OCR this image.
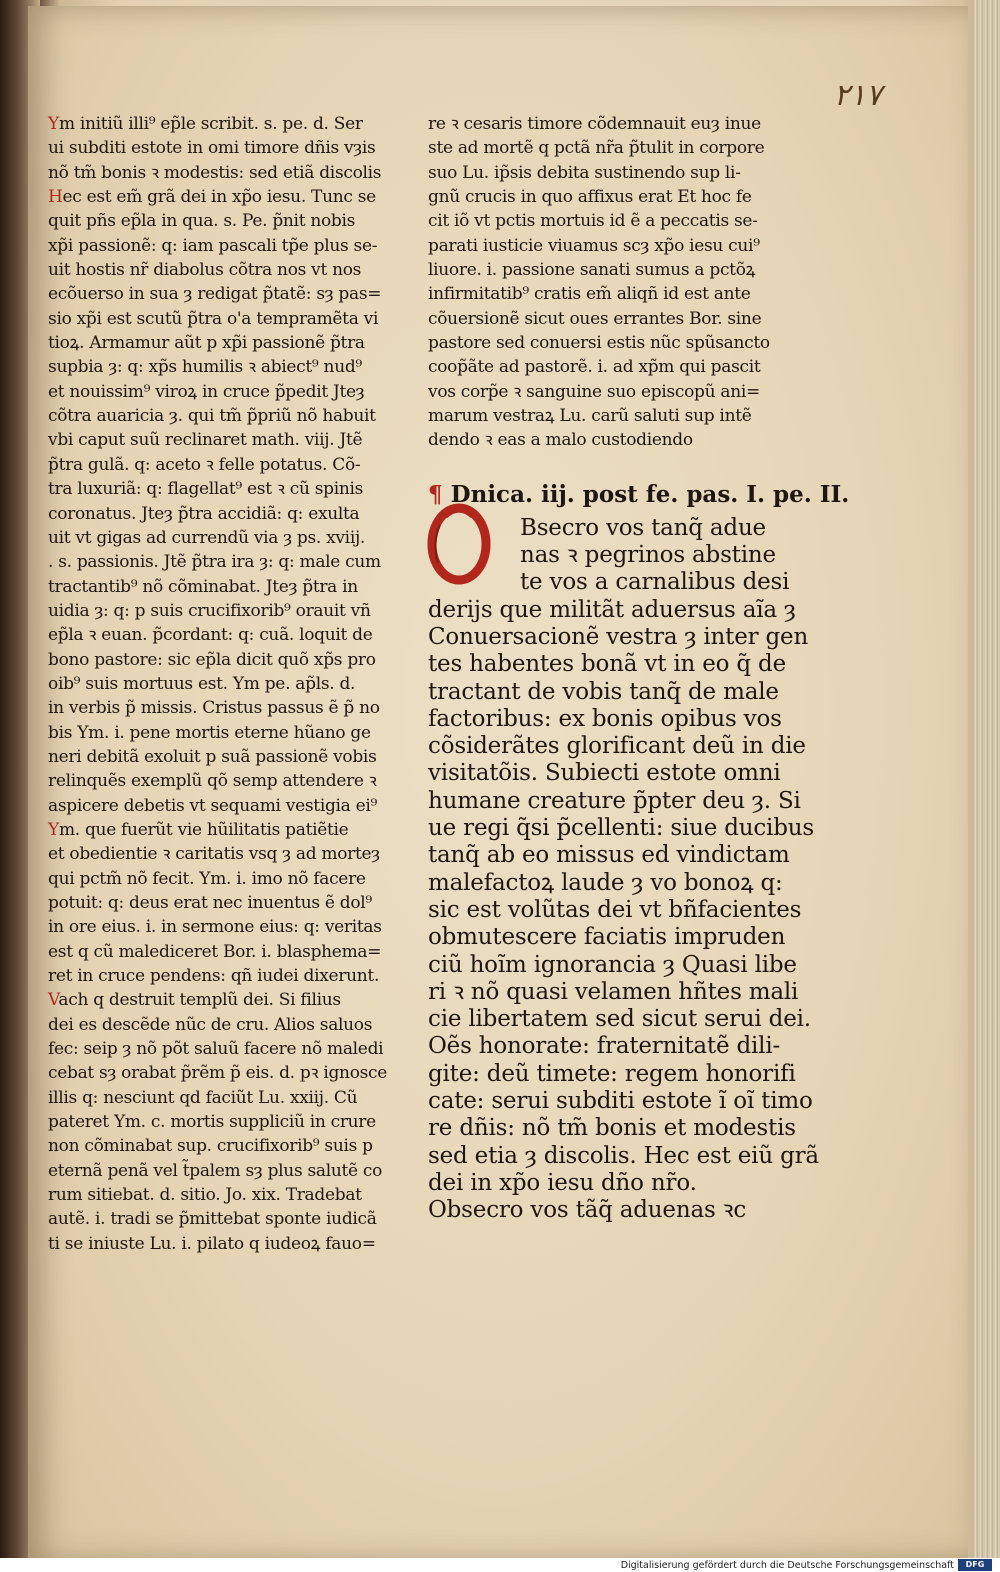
۲۱۷
Ym initiũ illi⁹ ep̃le scribit. s. pe. d. Ser
ui subditi estote in omi timore dñis vȝis
nõ tm̃ bonis ꝛ modestis: sed etiã discolis
Hec est em̃ grã dei in xp̃o iesu. Tunc se
quit pñs ep̃la in qua. s. Pe. p̃nit nobis
xp̃i passionẽ: q: iam pascali tp̃e plus se-
uit hostis nr̃ diabolus cõtra nos vt nos
ecõuerso in sua ȝ redigat p̃tatẽ: sȝ pas=
sio xp̃i est scutũ p̃tra o'a tempramẽta vi
tioꝝ. Armamur aũt p xp̃i passionẽ p̃tra
supbia ȝ: q: xp̃s humilis ꝛ abiect⁹ nud⁹
et nouissim⁹ viroꝝ in cruce p̃pedit Jteȝ
cõtra auaricia ȝ. qui tm̃ p̃priũ nõ habuit
vbi caput suũ reclinaret math. viij. Jtẽ
p̃tra gulã. q: aceto ꝛ felle potatus. Cõ-
tra luxuriã: q: flagellat⁹ est ꝛ cũ spinis
coronatus. Jteȝ p̃tra accidiã: q: exulta
uit vt gigas ad currendũ via ȝ ps. xviij.
. s. passionis. Jtẽ p̃tra ira ȝ: q: male cum
tractantib⁹ nõ cõminabat. Jteȝ p̃tra in
uidia ȝ: q: p suis crucifixorib⁹ orauit vñ
ep̃la ꝛ euan. p̃cordant: q: cuã. loquit de
bono pastore: sic ep̃la dicit quõ xp̃s pro
oib⁹ suis mortuus est. Ym pe. ap̃ls. d.
in verbis p̃ missis. Cristus passus ẽ p̃ no
bis Ym. i. pene mortis eterne hũano ge
neri debitã exoluit p suã passionẽ vobis
relinquẽs exemplũ qõ semp attendere ꝛ
aspicere debetis vt sequami vestigia ei⁹
Ym. que fuerũt vie hũilitatis patiẽtie
et obedientie ꝛ caritatis vsq ȝ ad morteȝ
qui pctm̃ nõ fecit. Ym. i. imo nõ facere
potuit: q: deus erat nec inuentus ẽ dol⁹
in ore eius. i. in sermone eius: q: veritas
est q cũ malediceret Bor. i. blasphema=
ret in cruce pendens: qñ iudei dixerunt.
Vach q destruit templũ dei. Si filius
dei es descẽde nũc de cru. Alios saluos
fec: seip ȝ nõ põt saluũ facere nõ maledi
cebat sȝ orabat p̃rẽm p̃ eis. d. pꝛ ignosce
illis q: nesciunt qd faciũt Lu. xxiij. Cũ
pateret Ym. c. mortis suppliciũ in crure
non cõminabat sup. crucifixorib⁹ suis p
eternã penã vel t̃palem sȝ plus salutẽ co
rum sitiebat. d. sitio. Jo. xix. Tradebat
autẽ. i. tradi se p̃mittebat sponte iudicã
ti se iniuste Lu. i. pilato q iudeoꝝ fauo=
re ꝛ cesaris timore cõdemnauit euȝ inue
ste ad mortẽ q pctã nr̃a p̃tulit in corpore
suo Lu. ip̃sis debita sustinendo sup li-
gnũ crucis in quo affixus erat Et hoc fe
cit iõ vt pctis mortuis id ẽ a peccatis se-
parati iusticie viuamus scȝ xp̃o iesu cui⁹
liuore. i. passione sanati sumus a pctõꝝ
infirmitatib⁹ cratis em̃ aliqñ id est ante
cõuersionẽ sicut oues errantes Bor. sine
pastore sed conuersi estis nũc spũsancto
coop̃ãte ad pastorẽ. i. ad xp̃m qui pascit
vos corp̃e ꝛ sanguine suo episcopũ ani=
marum vestraꝝ Lu. carũ saluti sup intẽ
dendo ꝛ eas a malo custodiendo
¶ Dnica. iij. post fe. pas. I. pe. II.
Bsecro vos tanq̃ adue
nas ꝛ pegrinos abstine
te vos a carnalibus desi
derijs que militãt aduersus aĩa ȝ
Conuersacionẽ vestra ȝ inter gen
tes habentes bonã vt in eo q̃ de
tractant de vobis tanq̃ de male
factoribus: ex bonis opibus vos
cõsiderãtes glorificant deũ in die
visitatõis. Subiecti estote omni
humane creature p̃pter deu ȝ. Si
ue regi q̃si p̃cellenti: siue ducibus
tanq̃ ab eo missus ed vindictam
malefactoꝝ laude ȝ vo bonoꝝ q:
sic est volũtas dei vt bñfacientes
obmutescere faciatis impruden
ciũ hoĩm ignorancia ȝ Quasi libe
ri ꝛ nõ quasi velamen hñtes mali
cie libertatem sed sicut serui dei.
Oẽs honorate: fraternitatẽ dili-
gite: deũ timete: regem honorifi
cate: serui subditi estote ĩ oĩ timo
re dñis: nõ tm̃ bonis et modestis
sed etia ȝ discolis. Hec est eiũ grã
dei in xp̃o iesu dño nr̃o.
Obsecro vos tãq̃ aduenas ꝛc
Digitalisierung gefördert durch die Deutsche Forschungsgemeinschaft	DFG
